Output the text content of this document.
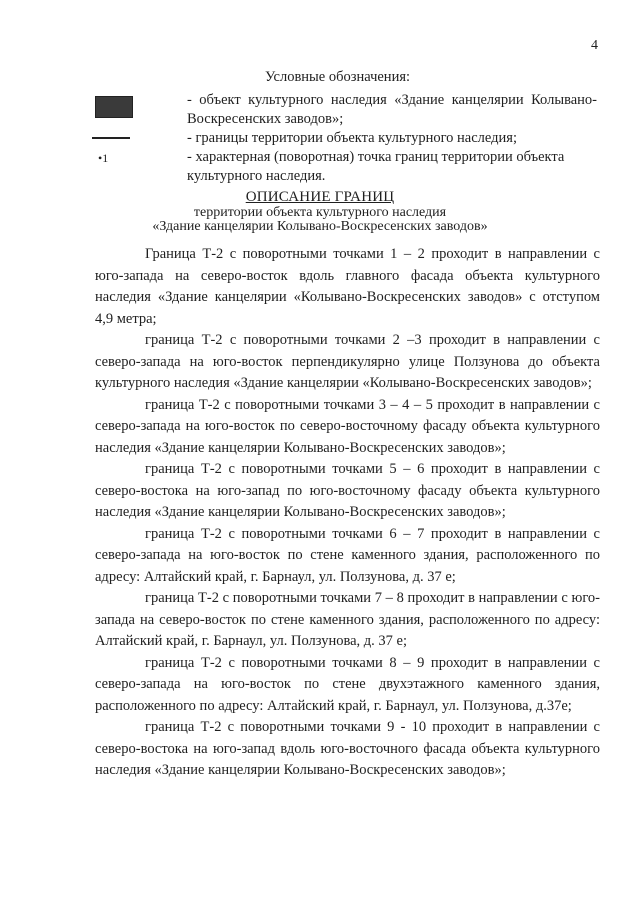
4
Условные обозначения:
•1
- объект культурного наследия «Здание канцелярии Колывано-Воскресенских заводов»;
- границы территории объекта культурного наследия;
- характерная (поворотная) точка границ территории объекта культурного наследия.
ОПИСАНИЕ ГРАНИЦ
территории объекта культурного наследия
«Здание канцелярии Колывано-Воскресенских заводов»

Граница Т-2 с поворотными точками 1 – 2 проходит в направлении с юго-запада на северо-восток вдоль главного фасада объекта культурного наследия «Здание канцелярии «Колывано-Воскресенских заводов» с отступом 4,9 метра;

граница Т-2 с поворотными точками 2 –3 проходит в направлении с северо-запада на юго-восток перпендикулярно улице Ползунова до объекта культурного наследия «Здание канцелярии «Колывано-Воскресенских заводов»;

граница Т-2 с поворотными точками 3 – 4 – 5 проходит в направлении с северо-запада на юго-восток по северо-восточному фасаду объекта культурного наследия «Здание канцелярии Колывано-Воскресенских заводов»;

граница Т-2 с поворотными точками 5 – 6 проходит в направлении с северо-востока на юго-запад по юго-восточному фасаду объекта культурного наследия «Здание канцелярии Колывано-Воскресенских заводов»;

граница Т-2 с поворотными точками 6 – 7 проходит в направлении с северо-запада на юго-восток по стене каменного здания, расположенного по адресу: Алтайский край, г. Барнаул, ул. Ползунова, д. 37 е;

граница Т-2 с поворотными точками 7 – 8 проходит в направлении с юго-запада на северо-восток по стене каменного здания, расположенного по адресу: Алтайский край, г. Барнаул, ул. Ползунова, д. 37 е;

граница Т-2 с поворотными точками 8 – 9 проходит в направлении с северо-запада на юго-восток по стене двухэтажного каменного здания, расположенного по адресу: Алтайский край, г. Барнаул, ул. Ползунова, д.37е;

граница Т-2 с поворотными точками 9 - 10 проходит в направлении с северо-востока на юго-запад вдоль юго-восточного фасада объекта культурного наследия «Здание канцелярии Колывано-Воскресенских заводов»;
